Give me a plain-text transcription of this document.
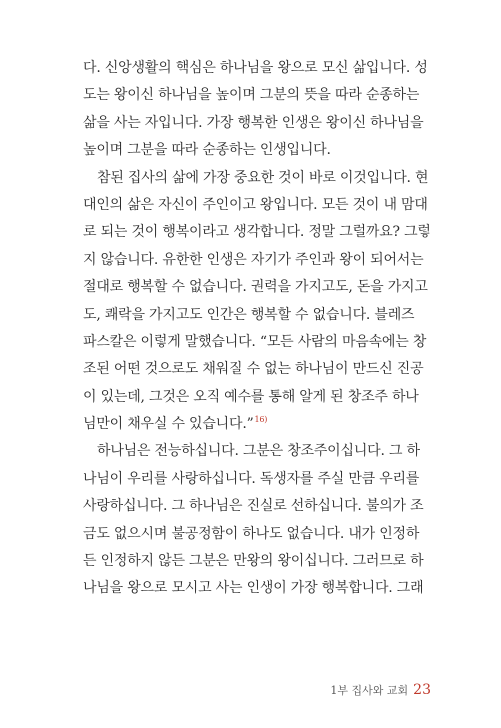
다. 신앙생활의 핵심은 하나님을 왕으로 모신 삶입니다. 성
도는 왕이신 하나님을 높이며 그분의 뜻을 따라 순종하는
삶을 사는 자입니다. 가장 행복한 인생은 왕이신 하나님을
높이며 그분을 따라 순종하는 인생입니다.
참된 집사의 삶에 가장 중요한 것이 바로 이것입니다. 현
대인의 삶은 자신이 주인이고 왕입니다. 모든 것이 내 맘대
로 되는 것이 행복이라고 생각합니다. 정말 그럴까요? 그렇
지 않습니다. 유한한 인생은 자기가 주인과 왕이 되어서는
절대로 행복할 수 없습니다. 권력을 가지고도, 돈을 가지고
도, 쾌락을 가지고도 인간은 행복할 수 없습니다. 블레즈
파스칼은 이렇게 말했습니다. “모든 사람의 마음속에는 창
조된 어떤 것으로도 채워질 수 없는 하나님이 만드신 진공
이 있는데, 그것은 오직 예수를 통해 알게 된 창조주 하나
님만이 채우실 수 있습니다.”$^{16)}$
하나님은 전능하십니다. 그분은 창조주이십니다. 그 하
나님이 우리를 사랑하십니다. 독생자를 주실 만큼 우리를
사랑하십니다. 그 하나님은 진실로 선하십니다. 불의가 조
금도 없으시며 불공정함이 하나도 없습니다. 내가 인정하
든 인정하지 않든 그분은 만왕의 왕이십니다. 그러므로 하
나님을 왕으로 모시고 사는 인생이 가장 행복합니다. 그래
1부 집사와 교회 23
